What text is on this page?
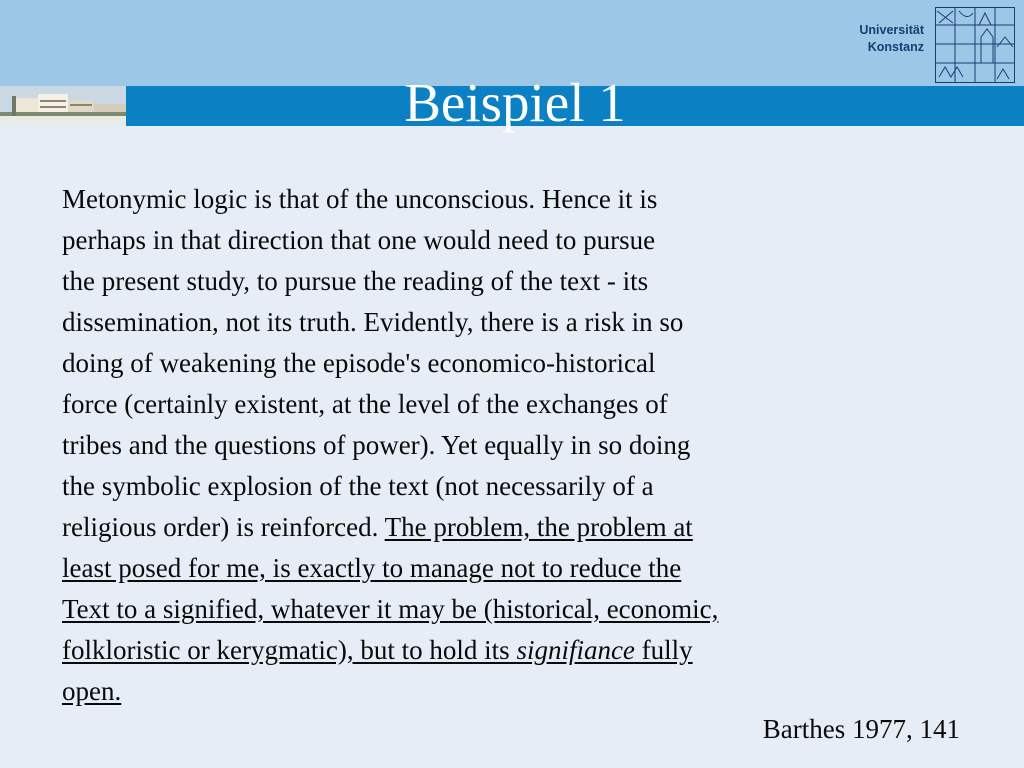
Universität
Konstanz
Beispiel 1
Metonymic logic is that of the unconscious. Hence it is
perhaps in that direction that one would need to pursue
the present study, to pursue the reading of the text - its
dissemination, not its truth. Evidently, there is a risk in so
doing of weakening the episode's economico-historical
force (certainly existent, at the level of the exchanges of
tribes and the questions of power). Yet equally in so doing
the symbolic explosion of the text (not necessarily of a
religious order) is reinforced. The problem, the problem at
least posed for me, is exactly to manage not to reduce the
Text to a signified, whatever it may be (historical, economic,
folkloristic or kerygmatic), but to hold its signifiance fully
open.
Barthes 1977, 141
